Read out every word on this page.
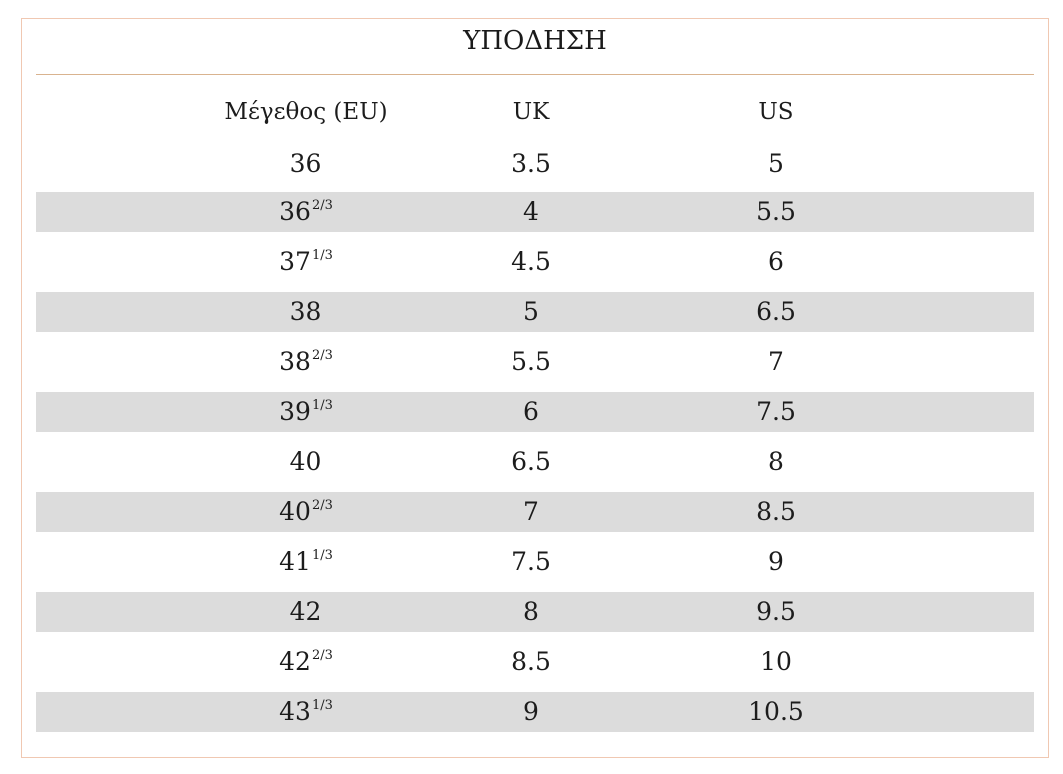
ΥΠΟΔΗΣΗ
Μέγεθος (EU)	UK	US
36	3.5	5
$36^{2/3}$	4	5.5
$37^{1/3}$	4.5	6
38	5	6.5
$38^{2/3}$	5.5	7
$39^{1/3}$	6	7.5
40	6.5	8
$40^{2/3}$	7	8.5
$41^{1/3}$	7.5	9
42	8	9.5
$42^{2/3}$	8.5	10
$43^{1/3}$	9	10.5
